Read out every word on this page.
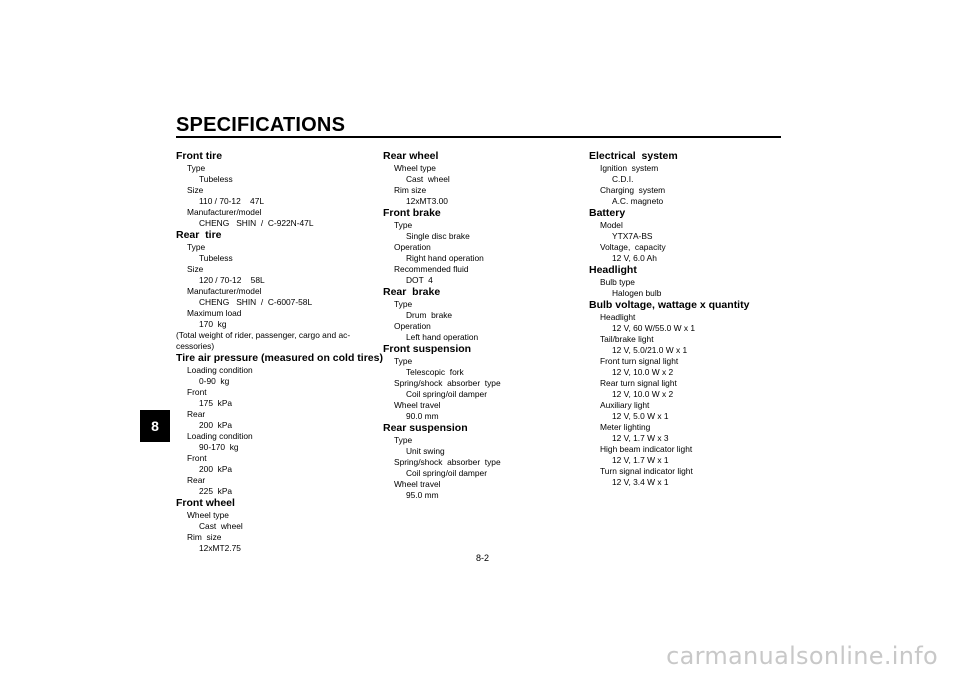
SPECIFICATIONS
8
Front tire
Type
Tubeless
Size
110 / 70-12    47L
Manufacturer/model
CHENG   SHIN  /  C-922N-47L
Rear  tire
Type
Tubeless
Size
120 / 70-12    58L
Manufacturer/model
CHENG   SHIN  /  C-6007-58L
Maximum load
170  kg
(Total weight of rider, passenger, cargo and ac-
cessories)
Tire air pressure (measured on cold tires)
Loading condition
0-90  kg
Front
175  kPa
Rear
200  kPa
Loading condition
90-170  kg
Front
200  kPa
Rear
225  kPa
Front wheel
Wheel type
Cast  wheel
Rim  size
12xMT2.75
Rear wheel
Wheel type
Cast  wheel
Rim size
12xMT3.00
Front brake
Type
Single disc brake
Operation
Right hand operation
Recommended fluid
DOT  4
Rear  brake
Type
Drum  brake
Operation
Left hand operation
Front suspension
Type
Telescopic  fork
Spring/shock  absorber  type
Coil spring/oil damper
Wheel travel
90.0 mm
Rear suspension
Type
Unit swing
Spring/shock  absorber  type
Coil spring/oil damper
Wheel travel
95.0 mm
Electrical  system
Ignition  system
C.D.I.
Charging  system
A.C. magneto
Battery
Model
YTX7A-BS
Voltage,  capacity
12 V, 6.0 Ah
Headlight
Bulb type
Halogen bulb
Bulb voltage, wattage x quantity
Headlight
12 V, 60 W/55.0 W x 1
Tail/brake light
12 V, 5.0/21.0 W x 1
Front turn signal light
12 V, 10.0 W x 2
Rear turn signal light
12 V, 10.0 W x 2
Auxiliary light
12 V, 5.0 W x 1
Meter lighting
12 V, 1.7 W x 3
High beam indicator light
12 V, 1.7 W x 1
Turn signal indicator light
12 V, 3.4 W x 1
8-2
carmanualsonline.info
